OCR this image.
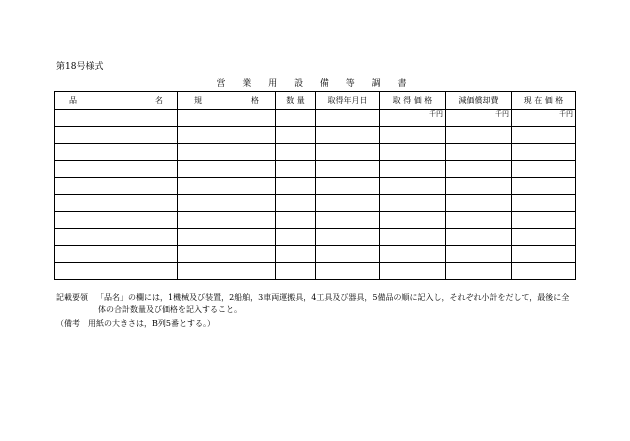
第18号様式
営 業 用 設 備 等 調 書
品 名	規 格	数 量	取得年月日	取 得 価 格	減価償却費	現 在 価 格
				千円	千円	千円

記載要領 「品名」の欄には，1機械及び装置，2船舶，3車両運搬具，4工具及び器具，5備品の順に記入し，それぞれ小計をだして，最後に全
体の合計数量及び価格を記入すること。
（備考　用紙の大きさは，B列5番とする。）
